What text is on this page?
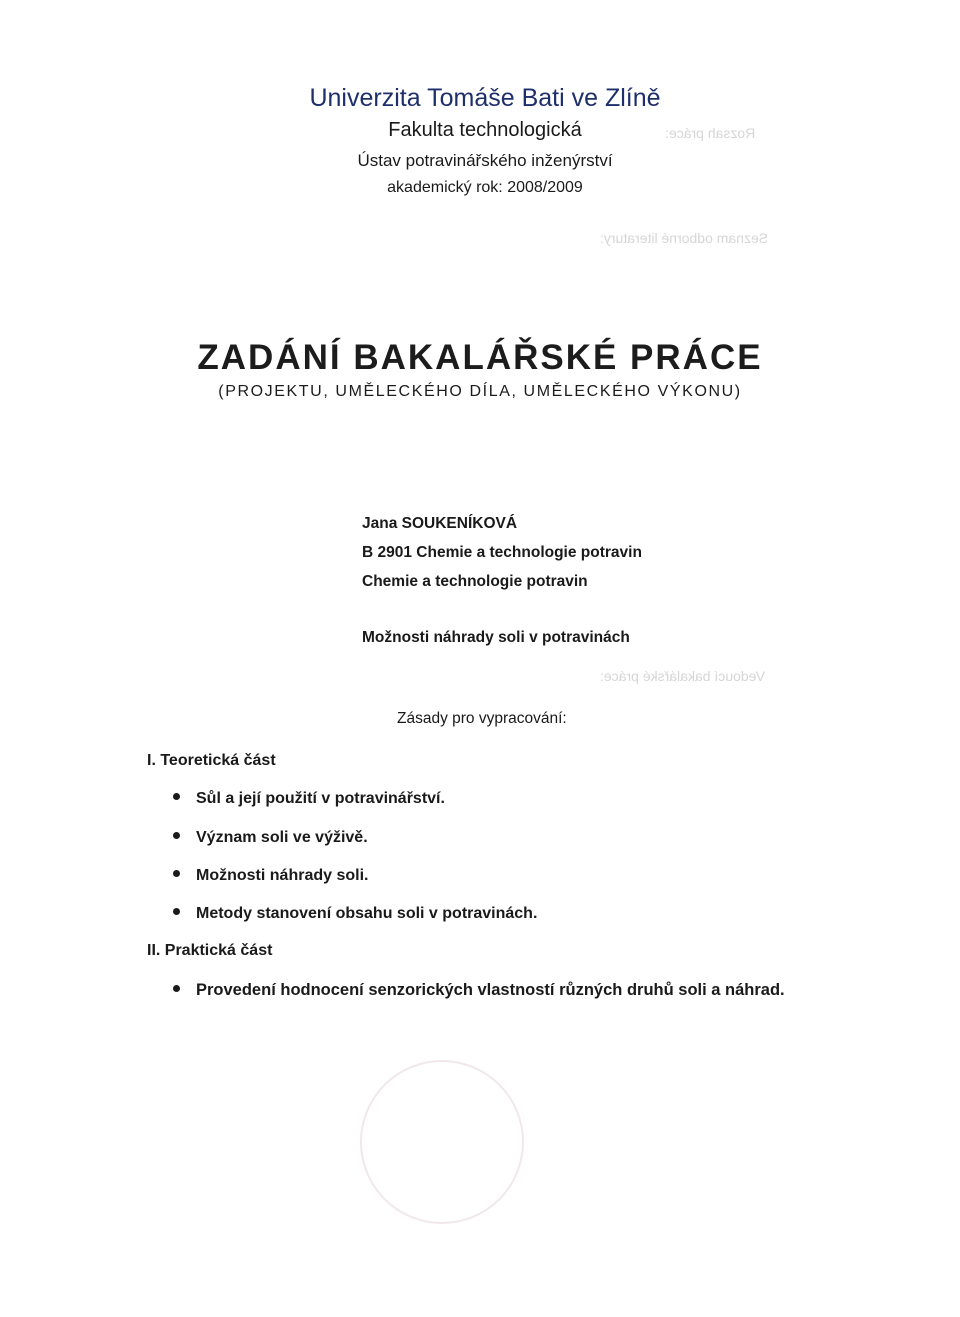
Rozsah práce:
Seznam odborné literatury:
Vedoucí bakalářské práce:
Univerzita Tomáše Bati ve Zlíně
Fakulta technologická
Ústav potravinářského inženýrství
akademický rok: 2008/2009
ZADÁNÍ BAKALÁŘSKÉ PRÁCE
(PROJEKTU, UMĚLECKÉHO DÍLA, UMĚLECKÉHO VÝKONU)
Jana SOUKENÍKOVÁ
B 2901 Chemie a technologie potravin
Chemie a technologie potravin
Možnosti náhrady soli v potravinách
Zásady pro vypracování:
I. Teoretická část
Sůl a její použití v potravinářství.
Význam soli ve výživě.
Možnosti náhrady soli.
Metody stanovení obsahu soli v potravinách.
II. Praktická část
Provedení hodnocení senzorických vlastností různých druhů soli a náhrad.
